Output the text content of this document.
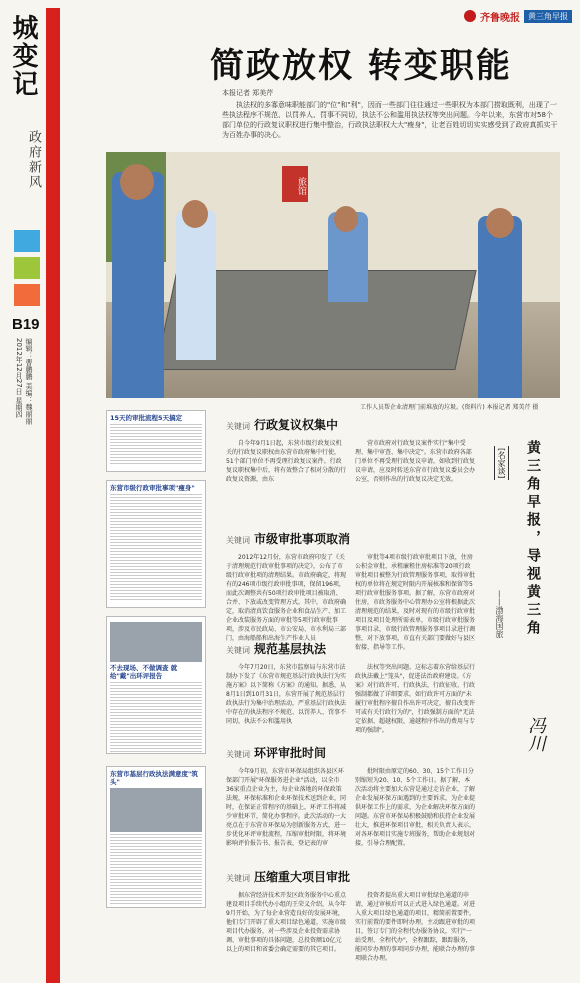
城变记
政府新风
B19
2012年12月27日 星期四 编辑：曹鹏鹏 美编：魏丽丽
齐鲁晚报	黄三角早报
简政放权 转变职能
本报记者 郑美芹
执法权的多寡意味职能部门的"位"和"利"，因而一些部门往往通过一些职权为本部门捞取既利，出现了一些执法程序不规范、以罚养人、罚事不同切，执法不公和滥用执法权等突出问题。今年以来，东营市对58个部门单位的行政复议职权进行集中整治，行政执法职权大大"瘦身"，让老百姓切切实实感受到了政府真抓实干为百姓办事的决心。
旅馆
工作人员帮企业清理门前堆放的垃圾。(资料片) 本报记者 郑美芹 摄
15天的审批流程5天搞定
东营市级行政审批事项"瘦身"
不去现场、不做调查 就给"戴"出环评报告
东营市基层行政执法满意度"筑头"
关键词 行政复议权集中
自今年9月1日起，东营市级行政复议机关的行政复议职权由东营市政府集中行使，51个部门单位不再受理行政复议案件。行政复议职权集中后，将有效整合了相对分散的行政复议资源，由东
营市政府对行政复议案件实行"集中受理、集中审查、集中决定"。东营市政府各部门单位不再受理行政复议申请，如收到行政复议申请，应及时转送东营市行政复议委员会办公室，否则作出的行政复议决定无效。
关键词 市级审批事项取消
2012年12月份，东营市政府印发了《关于清理规范行政审批事项的决定》，公布了市级行政审批项的清理结果。市政府确定，将现有的246项市级行政审批事项，保留196项，而此次调整共有50项行政审批项目被取消、合并、下放或改变管理方式。其中，市政府确定，取消清真饮食服务企业和食品生产、加工企业改装服务方面的审批等5项行政审批事项，涉及市民政局、市公安局、市水利局三部门，由海船船和出海生产作业人员
审批等4项市级行政审批项目下放，住房公积金审批、承租廉租住房标准等20项行政审批项目被整为行政管理服务事项，取得审批权的单位将在规定时限内开展核准和保留等5项行政审批服务事项。据了解，东营市政府对住房，市政务服务中心管理办公室将根据此次清理规范的结果，及时对现有的市级行政审批项目及项目处理所需表单，市级行政审批服务事项目录，市级行政管理服务事项目录进行调整，对下放事项，市直有关部门要做好与县区衔接、指导等工作。
关键词 规范基层执法
今年7月20日，东营市监察局与东营市法制办下发了《东营市规范基层行政执法行为实施方案》以下简称《方案》的通知。据悉，从8月1日到10月31日，东营开展了规范基层行政执法行为集中治理活动，严重基层行政执法中存在的执法程序不规范、以罚养人、罚事不同切，执法不公和滥用执
法权等突出问题。这标志着东营给基层行政执法戴上"笼头"，促进法治政府建设。《方案》对行政许可、行政执法，行政征收、行政强制都做了详细要求，如行政许可方面的"未履行审批程序擅自作出许可决定，擅自改变许可或有关行政行为的"，行政强制方面的"无法定依据、超越权限，逾越程序作出的费用与专项的强制"。
关键词 环评审批时间
今年9月初，东营市环保局组织各县区环保部门开展"环保服务进企业"活动，以全市36家重点企业为主，每企业落地的环保政策法规，环保标准和企业环保技术送到企业，同时，在保证正常程序的基础上，环评工作将减少审批环节，简化办事程序。此次活动的一大亮点在于东营市环保局为创新服务方式，进一步优化环评审批流程，压缩审批时限，将环境影响评价报告书、报告表，登记表的审
批时限由原定的60、30、15个工作日分别缩短为20、10、5个工作日。据了解，本次活动将主要加大东营是通过走访企业，了解企业发展环保方面遇到的主要诉求，为企业提供环保工作上的需求，为企业解决环保方面的问题。东营市环保局积极鼓励和扶持企业发展壮大，推进环保项目审批，相关负责人表示，对各环保项目实施专班服务，帮助企业规划对接，引导合理配置。
关键词 压缩重大项目审批
据东营经济技术开发区政务服务中心重点建设项目手续代办小组的王荣义介绍，从今年9月开始，为了每企业营造良好的发展环境，他们专门开辟了重大项目绿色通道，实施市级项目代办服务，对一些涉及企业投资需求协调、审批事项的具体问题，总投资额10亿元以上的项目和省委会确定需要的其它项目。
投资者提出重大项目审批绿色通道的申请，通过审核后可以正式进入绿色通道。对进入重大项目绿色通道的项目，精简前置要件，实行前置的要件即时办理，主动跟进审批的项目，签订专门的全程代办服务协议，实行"一站受理、全程代办"，全程跟踪，跟踪服务，能同步办理的事项同步办理，能联合办理的事项联合办理。
[名家谈] 黄三角早报，导视黄三角
——渤海国旅
冯川
